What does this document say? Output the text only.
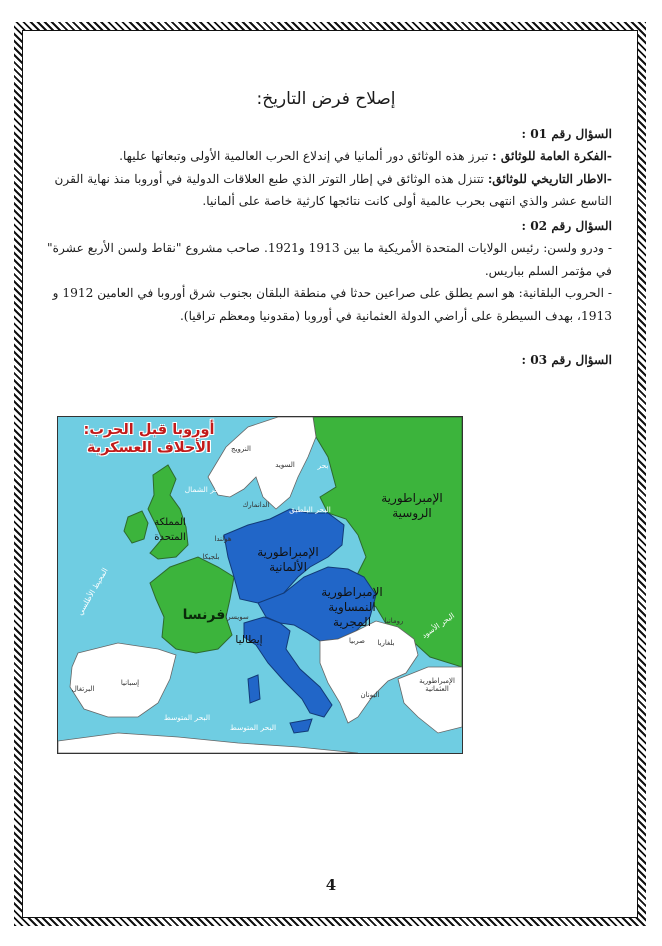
إصلاح فرض التاريخ:
السؤال رقم 01 :

-الفكرة العامة للوثائق : تبرز هذه الوثائق دور ألمانيا في إندلاع الحرب العالمية الأولى وتبعاتها عليها.

-الاطار التاريخي للوثائق: تتنزل هذه الوثائق في إطار التوتر الذي طبع العلاقات الدولية في أوروبا منذ نهاية القرن التاسع عشر والذي انتهى بحرب عالمية أولى كانت نتائجها كارثية خاصة على ألمانيا.

السؤال رقم 02 :

- ودرو ولسن: رئيس الولايات المتحدة الأمريكية ما بين 1913 و1921. صاحب مشروع "نقاط ولسن الأربع عشرة" في مؤتمر السلم بباريس.

- الحروب البلقانية: هو اسم يطلق على صراعين حدثا في منطقة البلقان بجنوب شرق أوروبا في العامين 1912 و 1913، بهدف السيطرة على أراضي الدولة العثمانية في أوروبا (مقدونيا ومعظم تراقيا).

السؤال رقم 03 :
أوروبا قبل الحرب:
الأحلاف العسكرية
الإمبراطورية الروسية
الإمبراطورية الألمانية
الإمبراطورية النمساوية المجرية
فرنسا
المملكة المتحدة
إيطاليا
الإمبراطورية العثمانية
إسبانيا
البرتغال
النرويج
السويد
الدانمارك
رومانيا
بلغاريا
صربيا
اليونان
سويسرا
هولندا
بلجيكا
المحيط الأطلسي
بحر الشمال
البحر البلطيق
بحر
البحر الأسود
البحر المتوسط
البحر المتوسط
4
